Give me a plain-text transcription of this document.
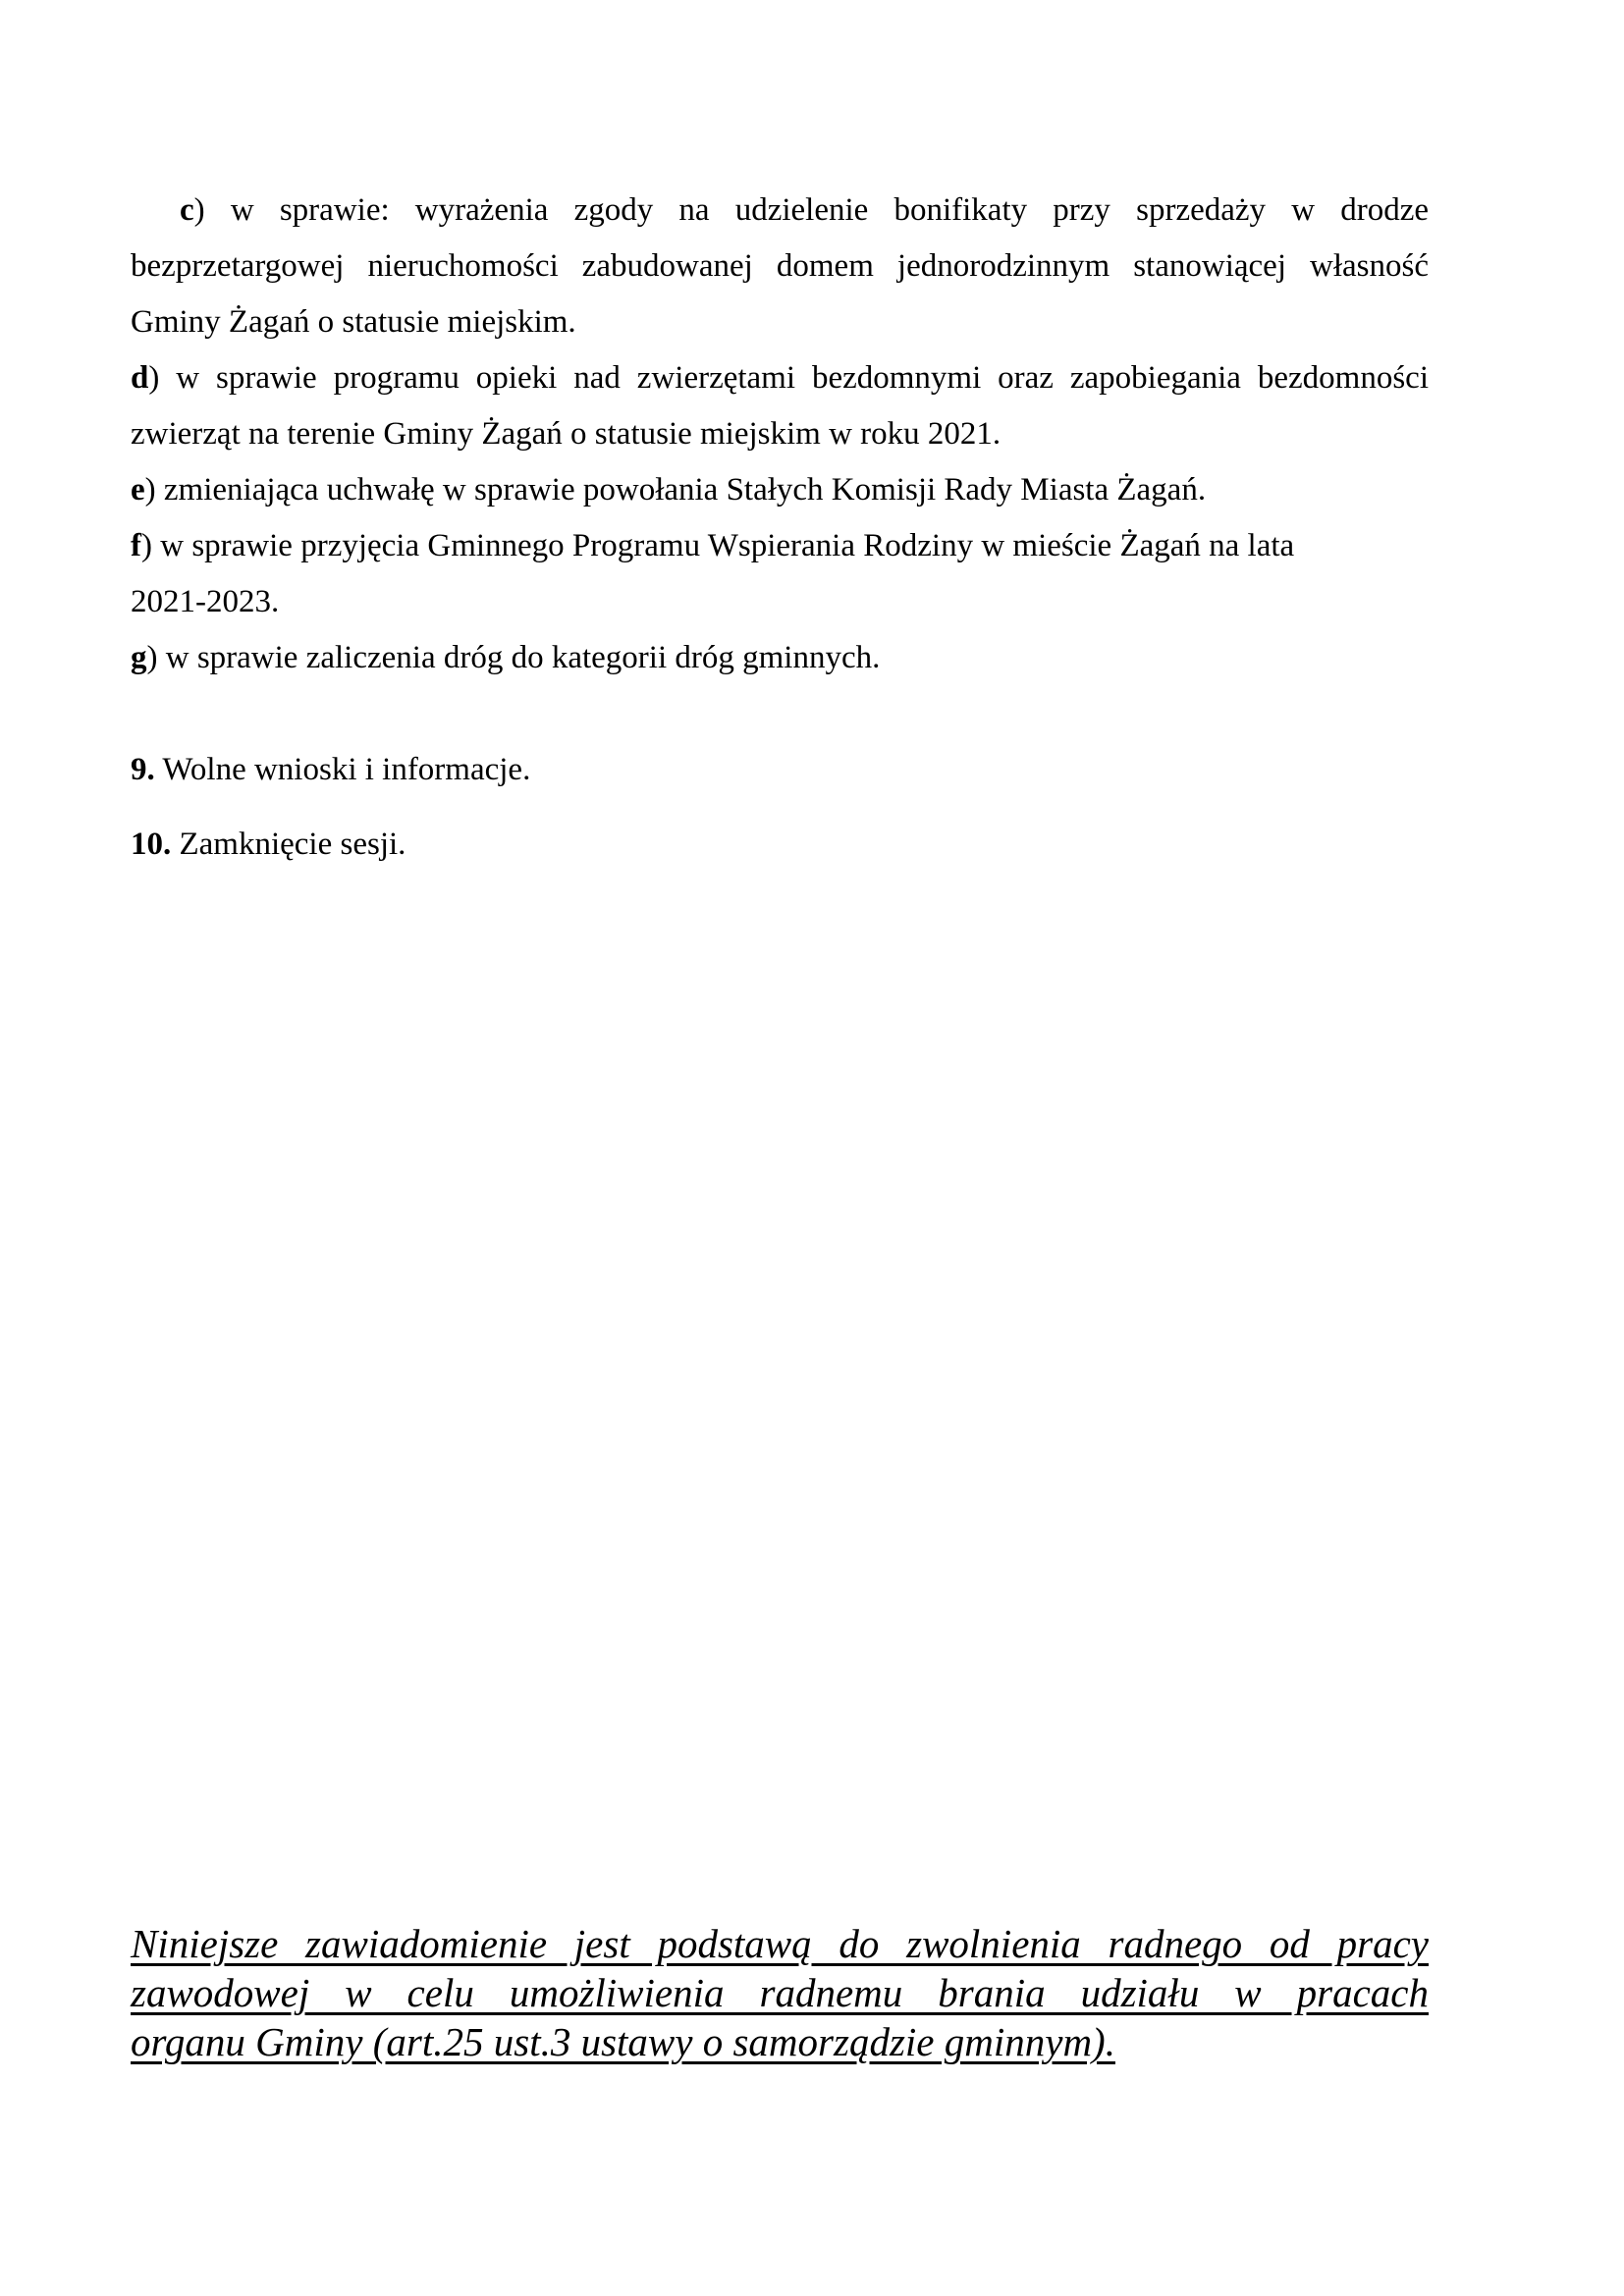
c) w sprawie: wyrażenia zgody na udzielenie bonifikaty przy sprzedaży w drodze
bezprzetargowej nieruchomości zabudowanej domem jednorodzinnym stanowiącej własność
Gminy Żagań o statusie miejskim.
d) w sprawie programu opieki nad zwierzętami bezdomnymi oraz zapobiegania bezdomności
zwierząt na terenie Gminy Żagań o statusie miejskim w roku 2021.
e) zmieniająca uchwałę w sprawie powołania Stałych Komisji Rady Miasta Żagań.
f) w sprawie przyjęcia Gminnego Programu Wspierania Rodziny w mieście Żagań na lata
2021-2023.
g) w sprawie zaliczenia dróg do kategorii dróg gminnych.
9. Wolne wnioski i informacje.
10. Zamknięcie sesji.
Niniejsze zawiadomienie jest podstawą do zwolnienia radnego od pracy
zawodowej w celu umożliwienia radnemu brania udziału w pracach
organu Gminy (art.25 ust.3 ustawy o samorządzie gminnym).
